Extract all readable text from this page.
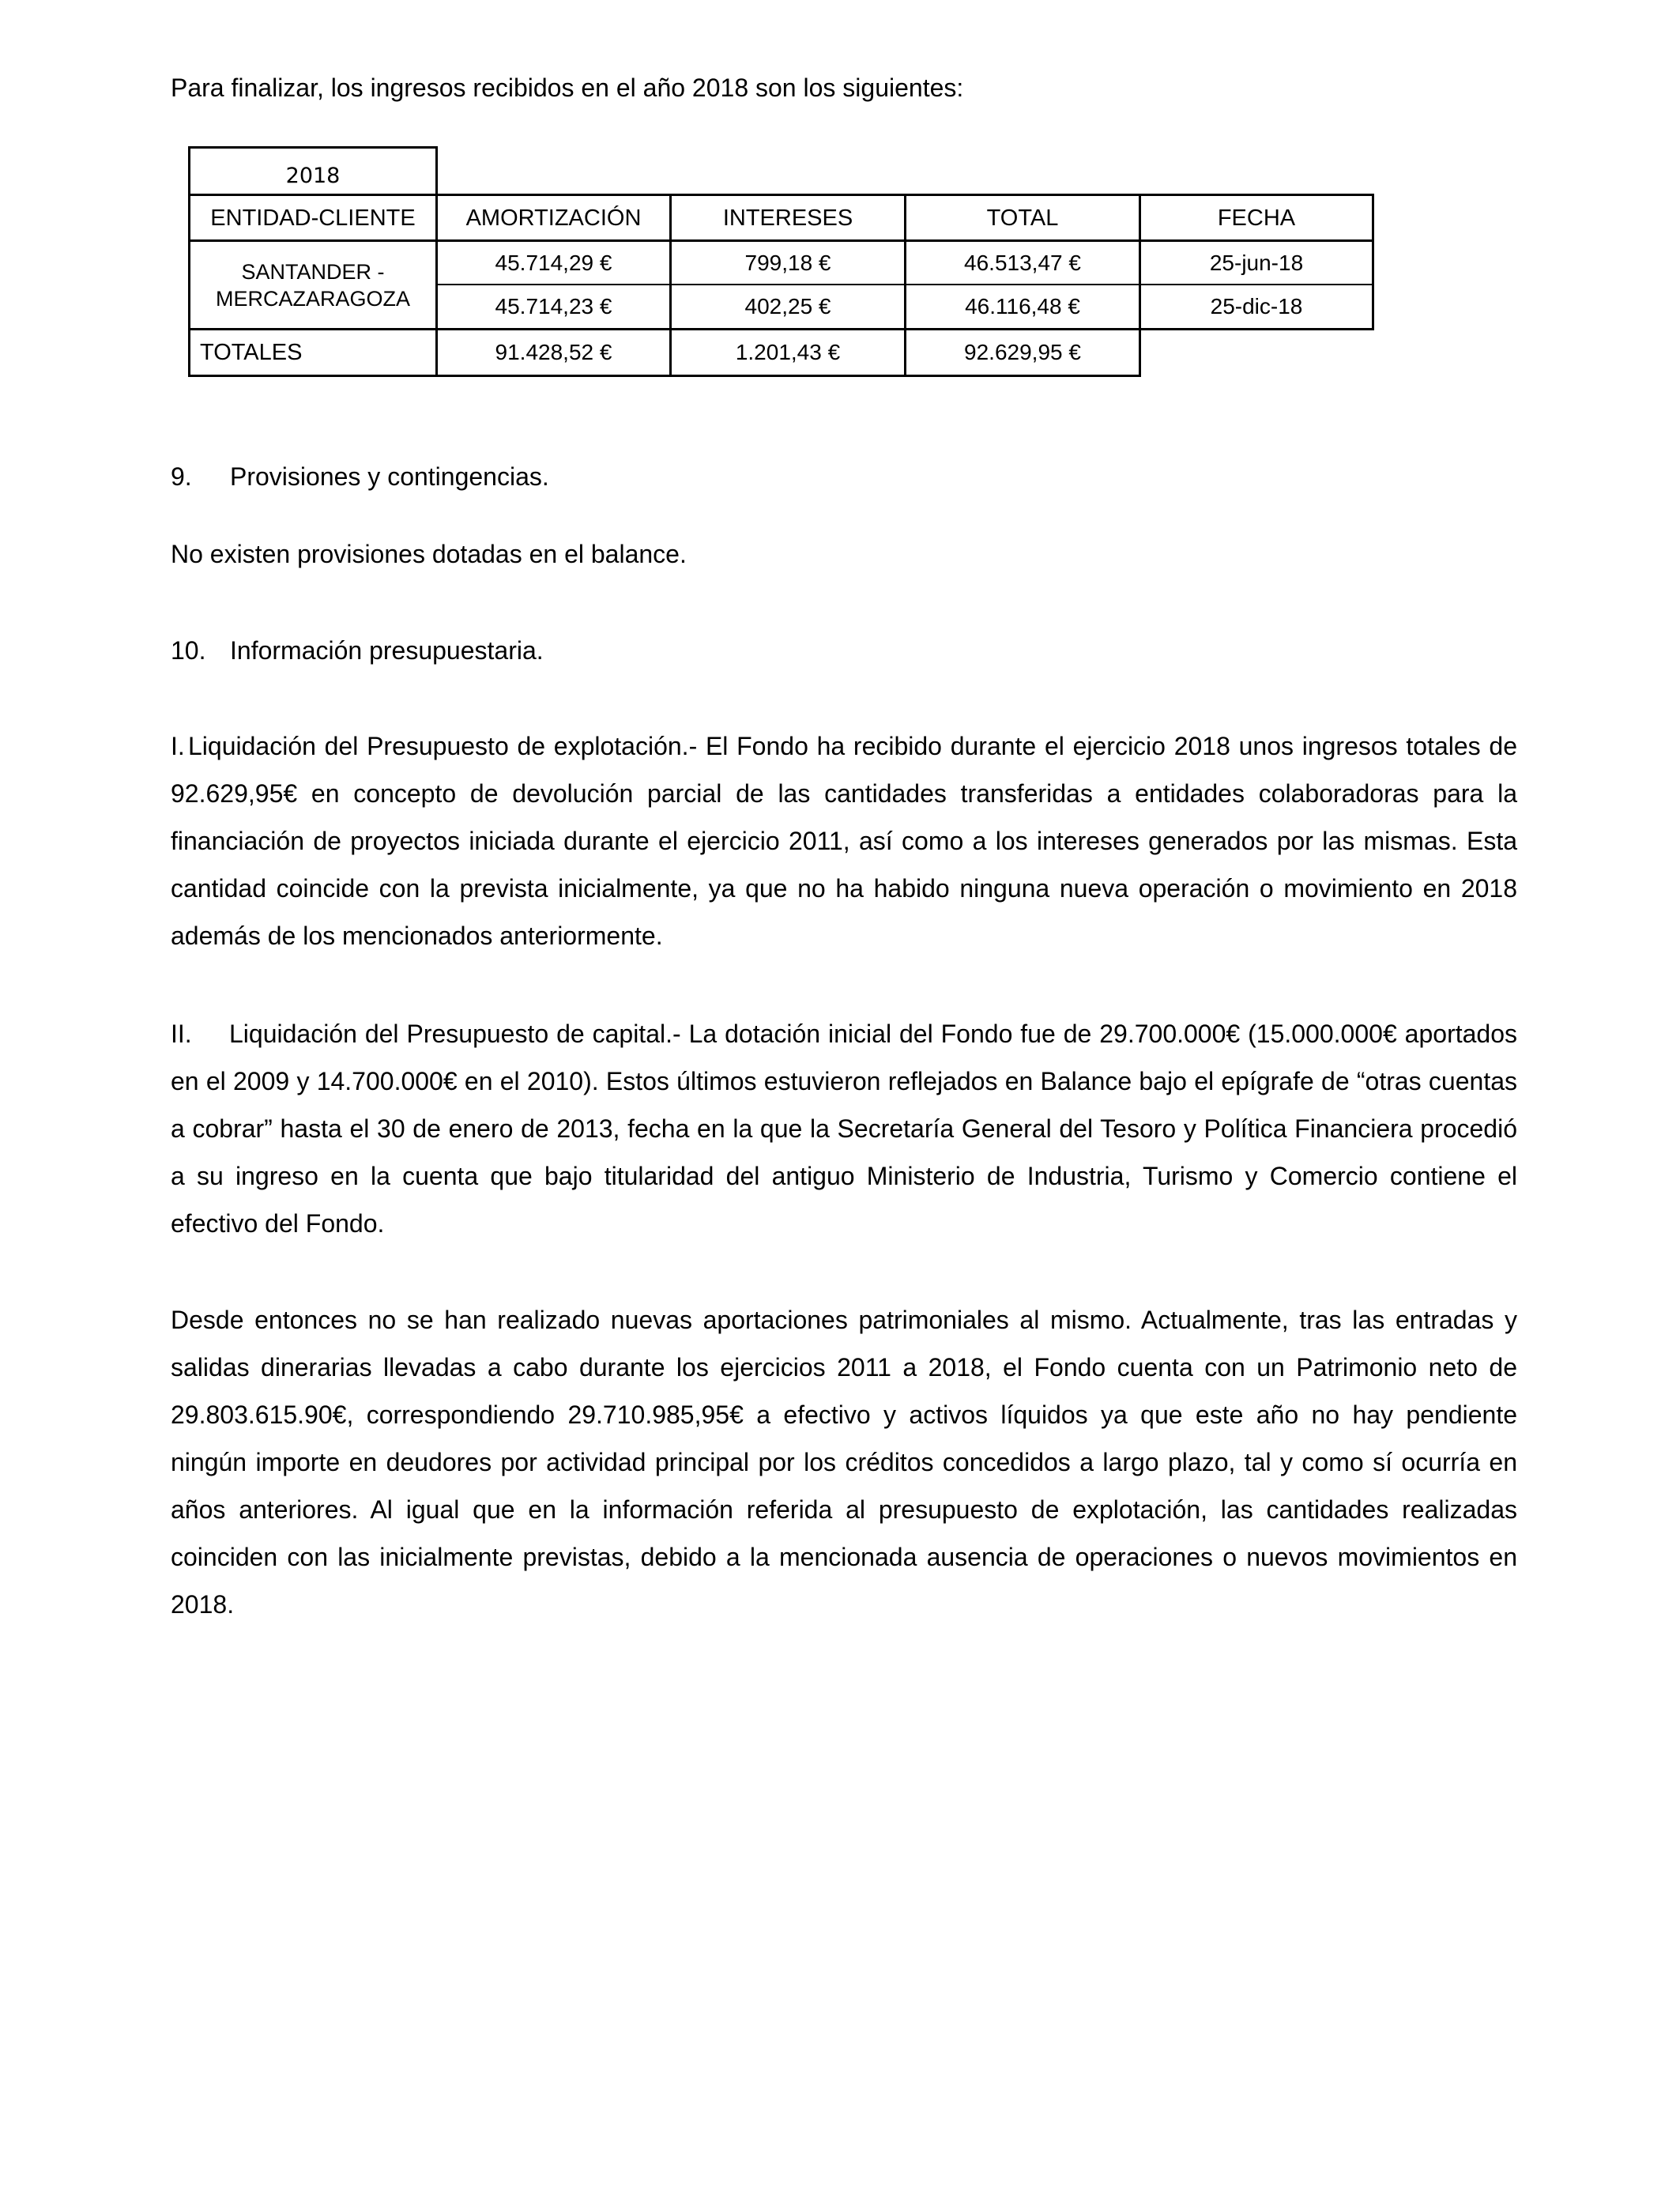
Para finalizar, los ingresos recibidos en el año 2018 son los siguientes:
2018
ENTIDAD-CLIENTE	AMORTIZACIÓN	INTERESES	TOTAL	FECHA
SANTANDER - MERCAZARAGOZA
45.714,29 €	799,18 €	46.513,47 €	25-jun-18
45.714,23 €	402,25 €	46.116,48 €	25-dic-18
TOTALES	91.428,52 €	1.201,43 €	92.629,95 €
9. Provisiones y contingencias.
No existen provisiones dotadas en el balance.
10. Información presupuestaria.
I. Liquidación del Presupuesto de explotación.- El Fondo ha recibido durante el ejercicio 2018 unos ingresos totales de 92.629,95€ en concepto de devolución parcial de las cantidades transferidas a entidades colaboradoras para la financiación de proyectos iniciada durante el ejercicio 2011, así como a los intereses generados por las mismas. Esta cantidad coincide con la prevista inicialmente, ya que no ha habido ninguna nueva operación o movimiento en 2018 además de los mencionados anteriormente.
II. Liquidación del Presupuesto de capital.- La dotación inicial del Fondo fue de 29.700.000€ (15.000.000€ aportados en el 2009 y 14.700.000€ en el 2010). Estos últimos estuvieron reflejados en Balance bajo el epígrafe de “otras cuentas a cobrar” hasta el 30 de enero de 2013, fecha en la que la Secretaría General del Tesoro y Política Financiera procedió a su ingreso en la cuenta que bajo titularidad del antiguo Ministerio de Industria, Turismo y Comercio contiene el efectivo del Fondo.
Desde entonces no se han realizado nuevas aportaciones patrimoniales al mismo. Actualmente, tras las entradas y salidas dinerarias llevadas a cabo durante los ejercicios 2011 a 2018, el Fondo cuenta con un Patrimonio neto de 29.803.615.90€, correspondiendo 29.710.985,95€ a efectivo y activos líquidos ya que este año no hay pendiente ningún importe en deudores por actividad principal por los créditos concedidos a largo plazo, tal y como sí ocurría en años anteriores. Al igual que en la información referida al presupuesto de explotación, las cantidades realizadas coinciden con las inicialmente previstas, debido a la mencionada ausencia de operaciones o nuevos movimientos en 2018.
